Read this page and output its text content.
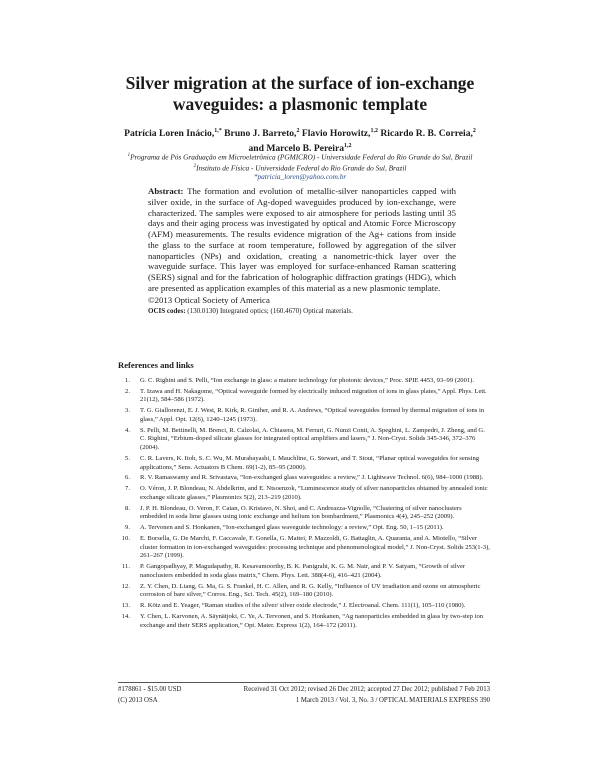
Silver migration at the surface of ion-exchange
waveguides: a plasmonic template
Patrícia Loren Inácio,$^{1,*}$ Bruno J. Barreto,$^2$ Flavio Horowitz,$^{1,2}$ Ricardo R. B. Correia,$^2$
and Marcelo B. Pereira$^{1,2}$
$^1$Programa de Pós Graduação em Microeletrônica (PGMICRO) - Universidade Federal do Rio Grande do Sul, Brazil
$^2$Instituto de Física - Universidade Federal do Rio Grande do Sul, Brazil
*patricia_loren@yahoo.com.br
Abstract: The formation and evolution of metallic-silver nanoparticles capped with silver oxide, in the surface of Ag-doped waveguides produced by ion-exchange, were characterized. The samples were exposed to air atmosphere for periods lasting until 35 days and their aging process was investigated by optical and Atomic Force Microscopy (AFM) measurements. The results evidence migration of the Ag+ cations from inside the glass to the surface at room temperature, followed by aggregation of the silver nanoparticles (NPs) and oxidation, creating a nanometric-thick layer over the waveguide surface. This layer was employed for surface-enhanced Raman scattering (SERS) signal and for the fabrication of holographic diffraction gratings (HDG), which are presented as application examples of this material as a new plasmonic template.
©2013 Optical Society of America
OCIS codes: (130.0130) Integrated optics; (160.4670) Optical materials.
References and links
1. G. C. Righini and S. Pelli, “Ion exchange in glass: a mature technology for photonic devices,” Proc. SPIE 4453, 93–99 (2001).
2. T. Izawa and H. Nakagome, “Optical waveguide formed by electrically induced migration of ions in glass plates,” Appl. Phys. Lett. 21(12), 584–586 (1972).
3. T. G. Giallorenzi, E. J. West, R. Kirk, R. Ginther, and R. A. Andrews, “Optical waveguides formed by thermal migration of ions in glass,” Appl. Opt. 12(6), 1240–1245 (1973).
4. S. Pelli, M. Bettinelli, M. Brenci, R. Calzolai, A. Chiasera, M. Ferrari, G. Nunzi Conti, A. Speghini, L. Zampedri, J. Zheng, and G. C. Righini, “Erbium-doped silicate glasses for integrated optical amplifiers and lasers,” J. Non-Cryst. Solids 345-346, 372–376 (2004).
5. C. R. Lavers, K. Itoh, S. C. Wu, M. Murabayashi, I. Mauchline, G. Stewart, and T. Stout, “Planar optical waveguides for sensing applications,” Sens. Actuators B Chem. 69(1-2), 85–95 (2000).
6. R. V. Ramaswamy and R. Srivastava, “Ion-exchanged glass waveguides: a review,” J. Lightwave Technol. 6(6), 984–1000 (1988).
7. O. Véron, J. P. Blondeau, N. Abdelkrim, and E. Ntsoenzok, “Luminescence study of silver nanoparticles obtained by annealed ionic exchange silicate glasses,” Plasmonics 5(2), 213–219 (2010).
8. J. P. H. Blondeau, O. Veron, F. Catan, O. Kristavo, N. Shoi, and C. Andreazza-Vignolle, “Clustering of silver nanoclusters embedded in soda lime glasses using ionic exchange and helium ion bombardment,” Plasmonics 4(4), 245–252 (2009).
9. A. Tervonen and S. Honkanen, “Ion-exchanged glass waveguide technology: a review,” Opt. Eng. 50, 1–15 (2011).
10. E. Borsella, G. De Marchi, F. Caccavale, F. Gonella, G. Mattei, P. Mazzoldi, G. Battaglin, A. Quaranta, and A. Miotello, “Silver cluster formation in ion-exchanged waveguides: processing technique and phenomenological model,” J. Non-Cryst. Solids 253(1-3), 261–267 (1999).
11. P. Gangopadhyay, P. Magudapathy, R. Kesavamoorthy, B. K. Panigrahi, K. G. M. Nair, and P. V. Satyam, “Growth of silver nanoclusters embedded in soda glass matrix,” Chem. Phys. Lett. 388(4-6), 416–421 (2004).
12. Z. Y. Chen, D. Liang, G. Ma, G. S. Frankel, H. C. Allen, and R. G. Kelly, “Influence of UV irradiation and ozone on atmospheric corrosion of bare silver,” Corros. Eng., Sci. Tech. 45(2), 169–180 (2010).
13. R. Kötz and E. Yeager, “Raman studies of the silver/ silver oxide electrode,” J. Electroanal. Chem. 111(1), 105–110 (1980).
14. Y. Chen, L. Karvonen, A. Säynätjoki, C. Ye, A. Tervonen, and S. Honkanen, “Ag nanoparticles embedded in glass by two-step ion exchange and their SERS application,” Opt. Mater. Express 1(2), 164–172 (2011).
#178861 - $15.00 USD	Received 31 Oct 2012; revised 26 Dec 2012; accepted 27 Dec 2012; published 7 Feb 2013
(C) 2013 OSA	1 March 2013 / Vol. 3, No. 3 / OPTICAL MATERIALS EXPRESS 390
